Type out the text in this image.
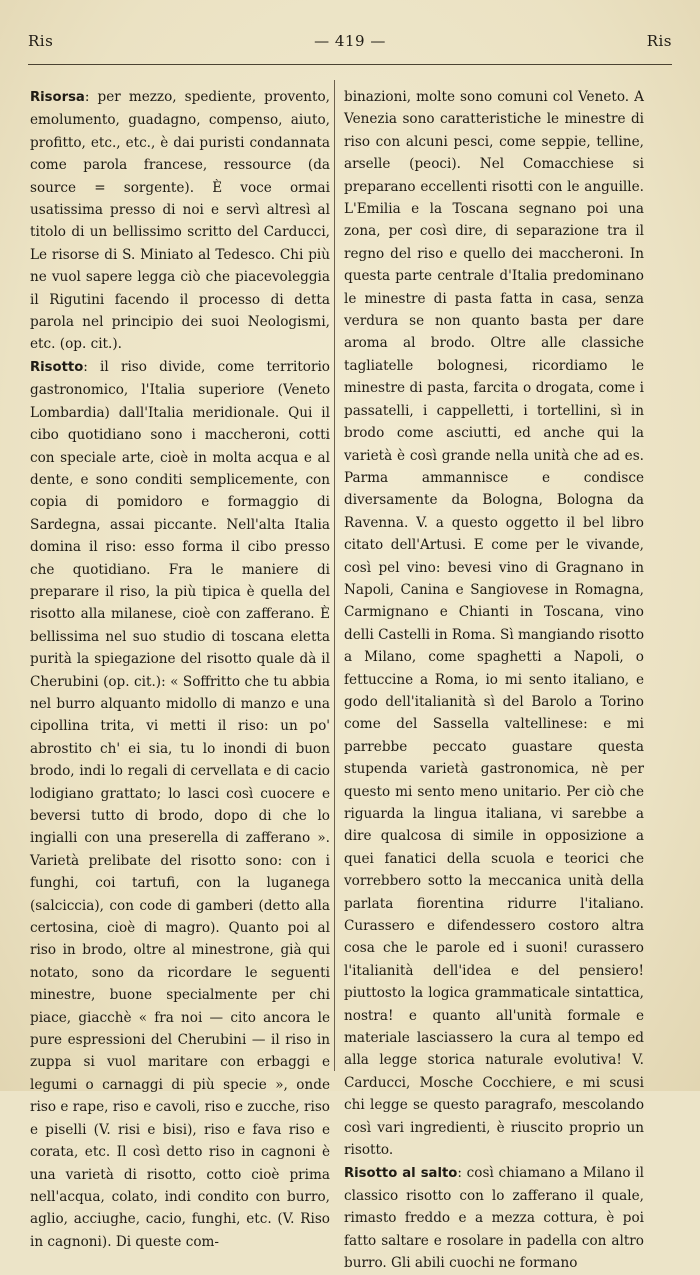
Ris	— 419 —	Ris

Risorsa: per mezzo, spediente, provento, emolumento, guadagno, compenso, aiuto, profitto, etc., etc., è dai puristi condannata come parola francese, ressource (da source = sorgente). È voce ormai usatissima presso di noi e servì altresì al titolo di un bellissimo scritto del Carducci, Le risorse di S. Miniato al Tedesco. Chi più ne vuol sapere legga ciò che piacevoleggia il Rigutini facendo il processo di detta parola nel principio dei suoi Neologismi, etc. (op. cit.).

Risotto: il riso divide, come territorio gastronomico, l'Italia superiore (Veneto Lombardia) dall'Italia meridionale. Qui il cibo quotidiano sono i maccheroni, cotti con speciale arte, cioè in molta acqua e al dente, e sono conditi semplicemente, con copia di pomidoro e formaggio di Sardegna, assai piccante. Nell'alta Italia domina il riso: esso forma il cibo presso che quotidiano. Fra le maniere di preparare il riso, la più tipica è quella del risotto alla milanese, cioè con zafferano. È bellissima nel suo studio di toscana eletta purità la spiegazione del risotto quale dà il Cherubini (op. cit.): « Soffritto che tu abbia nel burro alquanto midollo di manzo e una cipollina trita, vi metti il riso: un po' abrostito ch' ei sia, tu lo inondi di buon brodo, indi lo regali di cervellata e di cacio lodigiano grattato; lo lasci così cuocere e beversi tutto di brodo, dopo di che lo ingialli con una preserella di zafferano ». Varietà prelibate del risotto sono: con i funghi, coi tartufi, con la luganega (salciccia), con code di gamberi (detto alla certosina, cioè di magro). Quanto poi al riso in brodo, oltre al minestrone, già qui notato, sono da ricordare le seguenti minestre, buone specialmente per chi piace, giacchè « fra noi — cito ancora le pure espressioni del Cherubini — il riso in zuppa si vuol maritare con erbaggi e legumi o carnaggi di più specie », onde riso e rape, riso e cavoli, riso e zucche, riso e piselli (V. risi e bisi), riso e fava riso e corata, etc. Il così detto riso in cagnoni è una varietà di risotto, cotto cioè prima nell'acqua, colato, indi condito con burro, aglio, acciughe, cacio, funghi, etc. (V. Riso in cagnoni). Di queste com-

binazioni, molte sono comuni col Veneto. A Venezia sono caratteristiche le minestre di riso con alcuni pesci, come seppie, telline, arselle (peoci). Nel Comacchiese si preparano eccellenti risotti con le anguille. L'Emilia e la Toscana segnano poi una zona, per così dire, di separazione tra il regno del riso e quello dei maccheroni. In questa parte centrale d'Italia predominano le minestre di pasta fatta in casa, senza verdura se non quanto basta per dare aroma al brodo. Oltre alle classiche tagliatelle bolognesi, ricordiamo le minestre di pasta, farcita o drogata, come i passatelli, i cappelletti, i tortellini, sì in brodo come asciutti, ed anche qui la varietà è così grande nella unità che ad es. Parma ammannisce e condisce diversamente da Bologna, Bologna da Ravenna. V. a questo oggetto il bel libro citato dell'Artusi. E come per le vivande, così pel vino: bevesi vino di Gragnano in Napoli, Canina e Sangiovese in Romagna, Carmignano e Chianti in Toscana, vino delli Castelli in Roma. Sì mangiando risotto a Milano, come spaghetti a Napoli, o fettuccine a Roma, io mi sento italiano, e godo dell'italianità sì del Barolo a Torino come del Sassella valtellinese: e mi parrebbe peccato guastare questa stupenda varietà gastronomica, nè per questo mi sento meno unitario. Per ciò che riguarda la lingua italiana, vi sarebbe a dire qualcosa di simile in opposizione a quei fanatici della scuola e teorici che vorrebbero sotto la meccanica unità della parlata fiorentina ridurre l'italiano. Curassero e difendessero costoro altra cosa che le parole ed i suoni! curassero l'italianità dell'idea e del pensiero! piuttosto la logica grammaticale sintattica, nostra! e quanto all'unità formale e materiale lasciassero la cura al tempo ed alla legge storica naturale evolutiva! V. Carducci, Mosche Cocchiere, e mi scusi chi legge se questo paragrafo, mescolando così vari ingredienti, è riuscito proprio un risotto.

Risotto al salto: così chiamano a Milano il classico risotto con lo zafferano il quale, rimasto freddo e a mezza cottura, è poi fatto saltare e rosolare in padella con altro burro. Gli abili cuochi ne formano
